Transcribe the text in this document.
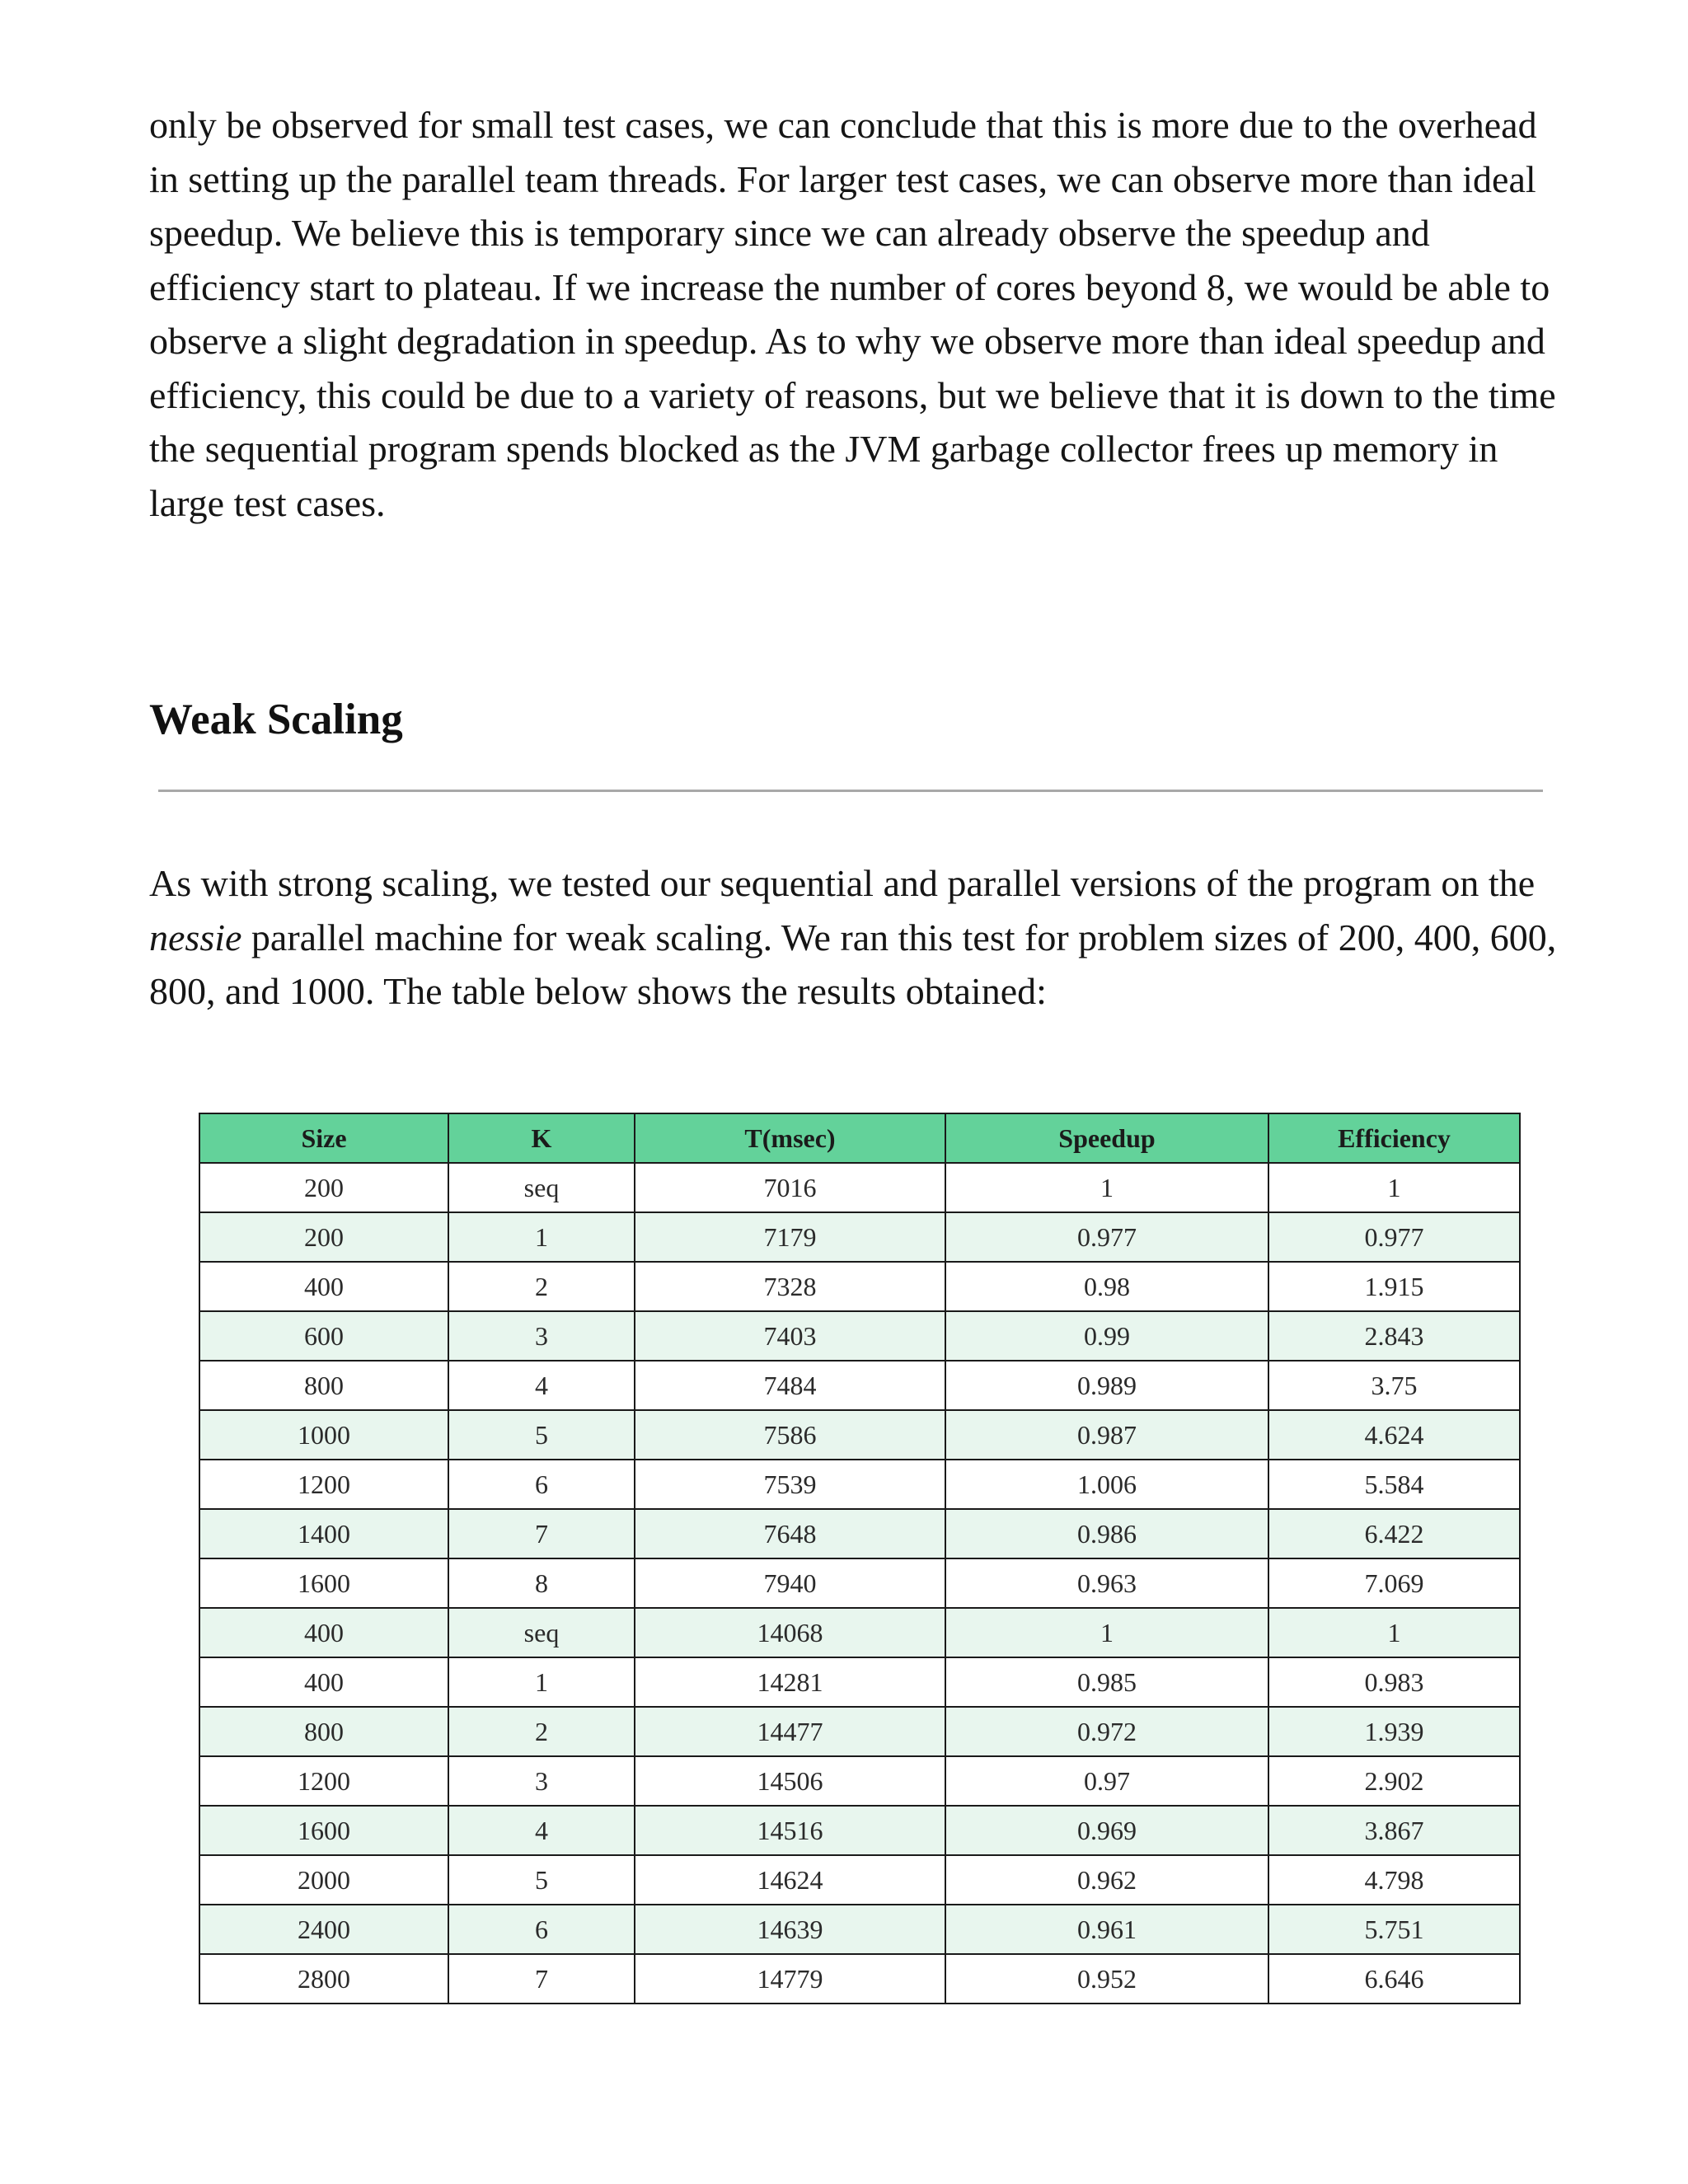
only be observed for small test cases, we can conclude that this is more due to the overhead in setting up the parallel team threads. For larger test cases, we can observe more than ideal speedup. We believe this is temporary since we can already observe the speedup and efficiency start to plateau. If we increase the number of cores beyond 8, we would be able to observe a slight degradation in speedup. As to why we observe more than ideal speedup and efficiency, this could be due to a variety of reasons, but we believe that it is down to the time the sequential program spends blocked as the JVM garbage collector frees up memory in large test cases.

Weak Scaling

As with strong scaling, we tested our sequential and parallel versions of the program on the nessie parallel machine for weak scaling. We ran this test for problem sizes of 200, 400, 600, 800, and 1000. The table below shows the results obtained:

Size	K	T(msec)	Speedup	Efficiency
200	seq	7016	1	1
200	1	7179	0.977	0.977
400	2	7328	0.98	1.915
600	3	7403	0.99	2.843
800	4	7484	0.989	3.75
1000	5	7586	0.987	4.624
1200	6	7539	1.006	5.584
1400	7	7648	0.986	6.422
1600	8	7940	0.963	7.069
400	seq	14068	1	1
400	1	14281	0.985	0.983
800	2	14477	0.972	1.939
1200	3	14506	0.97	2.902
1600	4	14516	0.969	3.867
2000	5	14624	0.962	4.798
2400	6	14639	0.961	5.751
2800	7	14779	0.952	6.646
